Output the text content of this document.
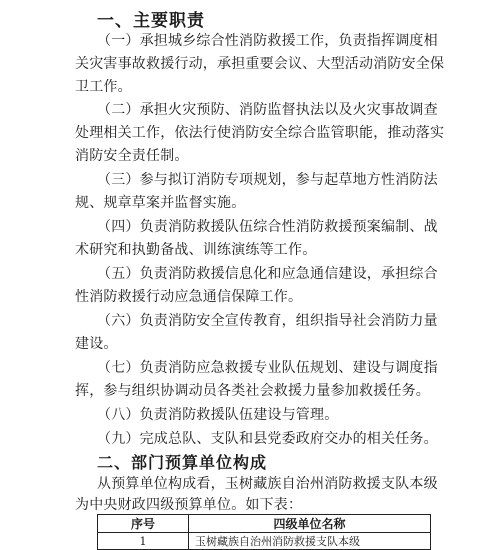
一、主要职责
（一）承担城乡综合性消防救援工作，负责指挥调度相
关灾害事故救援行动，承担重要会议、大型活动消防安全保
卫工作。
（二）承担火灾预防、消防监督执法以及火灾事故调查
处理相关工作，依法行使消防安全综合监管职能，推动落实
消防安全责任制。
（三）参与拟订消防专项规划，参与起草地方性消防法
规、规章草案并监督实施。
（四）负责消防救援队伍综合性消防救援预案编制、战
术研究和执勤备战、训练演练等工作。
（五）负责消防救援信息化和应急通信建设，承担综合
性消防救援行动应急通信保障工作。
（六）负责消防安全宣传教育，组织指导社会消防力量
建设。
（七）负责消防应急救援专业队伍规划、建设与调度指
挥，参与组织协调动员各类社会救援力量参加救援任务。
（八）负责消防救援队伍建设与管理。
（九）完成总队、支队和县党委政府交办的相关任务。
二、部门预算单位构成
从预算单位构成看，玉树藏族自治州消防救援支队本级
为中央财政四级预算单位。如下表：
序号	四级单位名称
1	玉树藏族自治州消防救援支队本级
